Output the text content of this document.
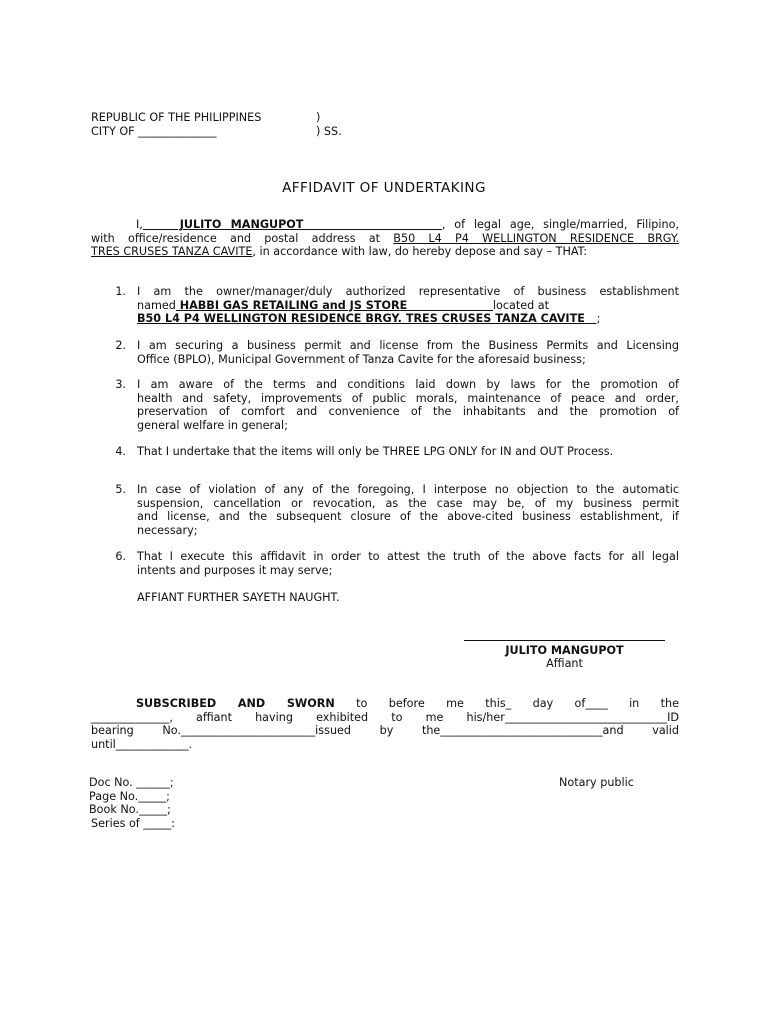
REPUBLIC OF THE PHILIPPINES	)
CITY OF ______________	) SS.
AFFIDAVIT OF UNDERTAKING
I,    JULITO MANGUPOT               , of legal age, single/married, Filipino,
with office/residence and postal address at B50 L4 P4 WELLINGTON RESIDENCE BRGY.
TRES CRUSES TANZA CAVITE, in accordance with law, do hereby depose and say – THAT:
1. I am the owner/manager/duly authorized representative of business establishment
named HABBI GAS RETAILING and JS STORE                      located at
B50 L4 P4 WELLINGTON RESIDENCE BRGY. TRES CRUSES TANZA CAVITE   ;
2. I am securing a business permit and license from the Business Permits and Licensing
Office (BPLO), Municipal Government of Tanza Cavite for the aforesaid business;
3. I am aware of the terms and conditions laid down by laws for the promotion of
health and safety, improvements of public morals, maintenance of peace and order,
preservation of comfort and convenience of the inhabitants and the promotion of
general welfare in general;
4. That I undertake that the items will only be THREE LPG ONLY for IN and OUT Process.
5. In case of violation of any of the foregoing, I interpose no objection to the automatic
suspension, cancellation or revocation, as the case may be, of my business permit
and license, and the subsequent closure of the above-cited business establishment, if
necessary;
6. That I execute this affidavit in order to attest the truth of the above facts for all legal
intents and purposes it may serve;
AFFIANT FURTHER SAYETH NAUGHT.
JULITO MANGUPOT
Affiant
SUBSCRIBED AND SWORN to before me this_ day of____ in the
______________, affiant having exhibited to me his/her_____________________________ID
bearing No.________________________issued by the_____________________________and valid
until_____________.
Doc No. ______;
Page No._____;
Book No._____;
Series of _____:
Notary public
